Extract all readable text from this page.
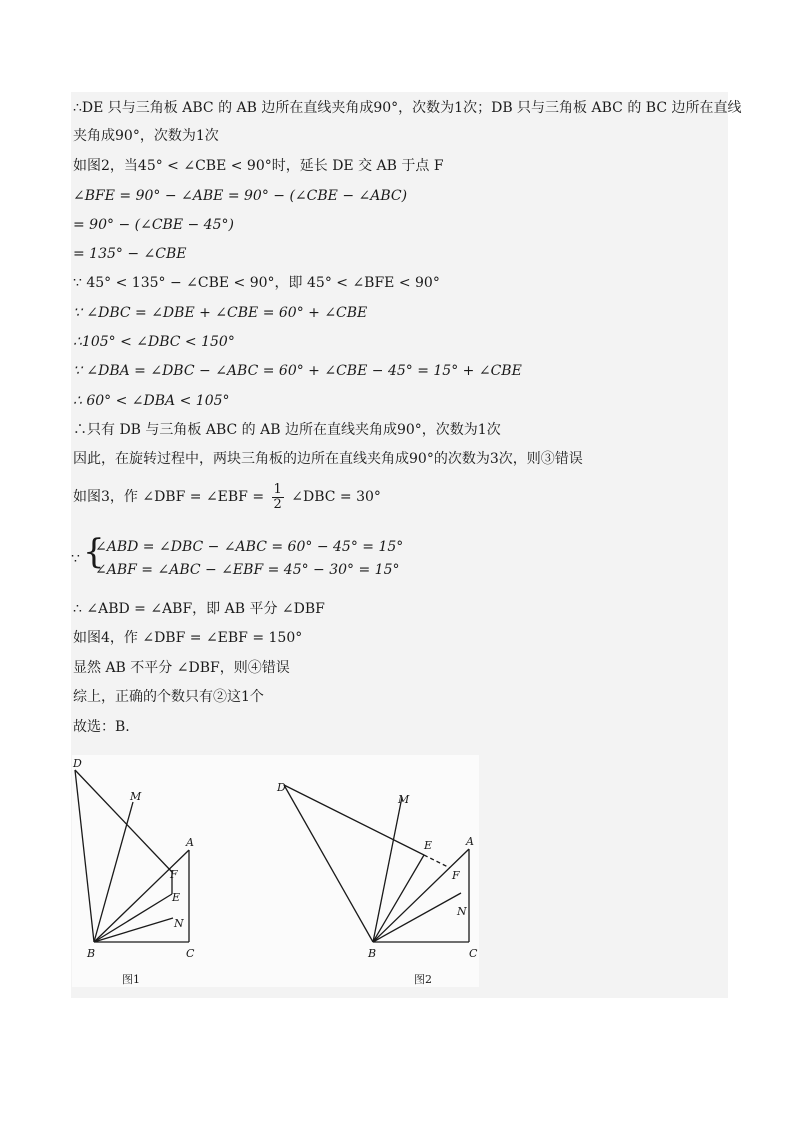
∴DE 只与三角板 ABC 的 AB 边所在直线夹角成90°，次数为1次；DB 只与三角板 ABC 的 BC 边所在直线
夹角成90°，次数为1次
如图2，当45° < ∠CBE < 90°时，延长 DE 交 AB 于点 F
∠BFE = 90° − ∠ABE = 90° − (∠CBE − ∠ABC)
= 90° − (∠CBE − 45°)
= 135° − ∠CBE
∵ 45° < 135° − ∠CBE < 90°，即 45° < ∠BFE < 90°
∵ ∠DBC = ∠DBE + ∠CBE = 60° + ∠CBE
∴105° < ∠DBC < 150°
∵ ∠DBA = ∠DBC − ∠ABC = 60° + ∠CBE − 45° = 15° + ∠CBE
∴ 60° < ∠DBA < 105°
∴只有 DB 与三角板 ABC 的 AB 边所在直线夹角成90°，次数为1次
因此，在旋转过程中，两块三角板的边所在直线夹角成90°的次数为3次，则③错误
如图3，作 ∠DBF = ∠EBF = $\frac{1}{2}$ ∠DBC = 30°
∵ {
∠ABD = ∠DBC − ∠ABC = 60° − 45° = 15°
∠ABF = ∠ABC − ∠EBF = 45° − 30° = 15°
∴ ∠ABD = ∠ABF，即 AB 平分 ∠DBF
如图4，作 ∠DBF = ∠EBF = 150°
显然 AB 不平分 ∠DBF，则④错误
综上，正确的个数只有②这1个
故选：B.
D
M
A
F
E
N
B	C
图1
D
M
E	A
F
N
B	C
图2
